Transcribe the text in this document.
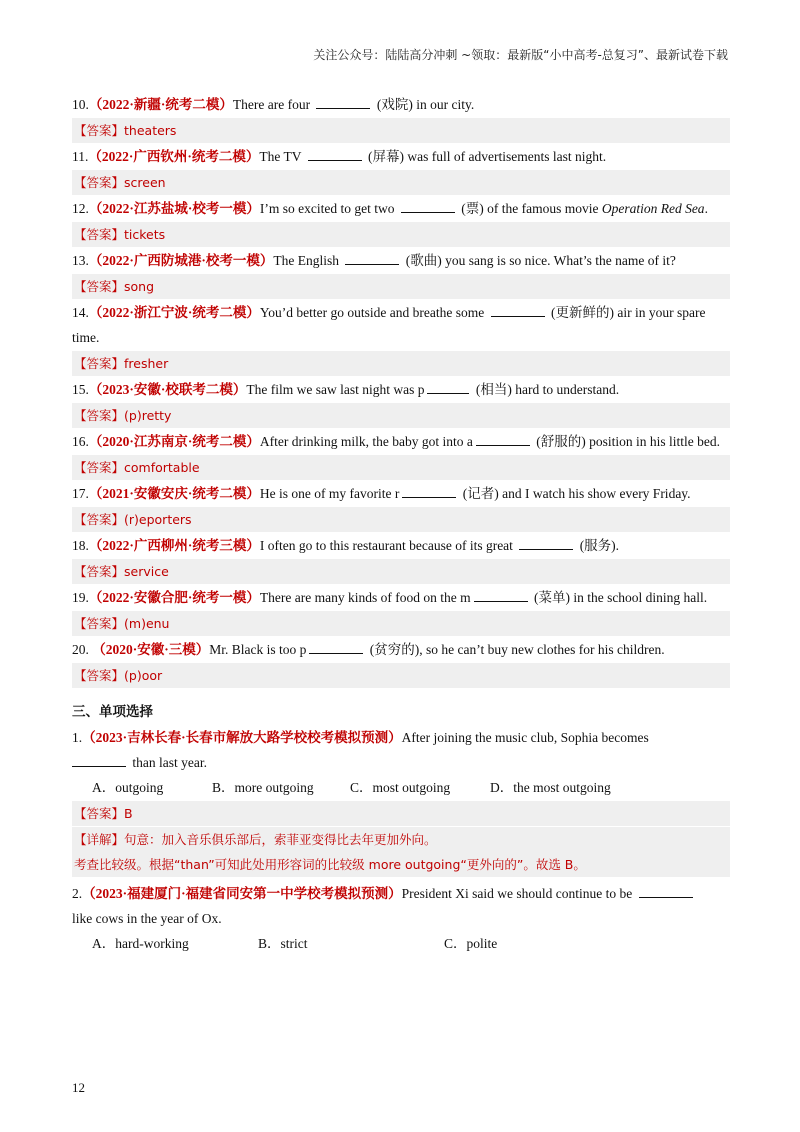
关注公众号：陆陆高分冲刺 ~领取：最新版“小中高考-总复习”、最新试卷下载
10.（2022·新疆·统考二模）There are four	(戏院) in our city.
【答案】theaters
11.（2022·广西钦州·统考二模）The TV	(屏幕) was full of advertisements last night.
【答案】screen
12.（2022·江苏盐城·校考一模）I’m so excited to get two	(票) of the famous movie Operation Red Sea.
【答案】tickets
13.（2022·广西防城港·校考一模）The English	(歌曲) you sang is so nice. What’s the name of it?
【答案】song
14.（2022·浙江宁波·统考二模）You’d better go outside and breathe some	(更新鲜的) air in your spare time.
【答案】fresher
15.（2023·安徽·校联考二模）The film we saw last night was p	(相当) hard to understand.
【答案】(p)retty
16.（2020·江苏南京·统考二模）After drinking milk, the baby got into a	(舒服的) position in his little bed.
【答案】comfortable
17.（2021·安徽安庆·统考二模）He is one of my favorite r	(记者) and I watch his show every Friday.
【答案】(r)eporters
18.（2022·广西柳州·统考三模）I often go to this restaurant because of its great	(服务).
【答案】service
19.（2022·安徽合肥·统考一模）There are many kinds of food on the m	(菜单) in the school dining hall.
【答案】(m)enu
20. （2020·安徽·三模）Mr. Black is too p	(贫穷的), so he can’t buy new clothes for his children.
【答案】(p)oor
三、单项选择
1.（2023·吉林长春·长春市解放大路学校校考模拟预测）After joining the music club, Sophia becomes
than last year.
A．outgoing	B．more outgoing	C．most outgoing	D．the most outgoing
【答案】B
【详解】句意：加入音乐俱乐部后，索菲亚变得比去年更加外向。
考查比较级。根据“than”可知此处用形容词的比较级 more outgoing“更外向的”。故选 B。
2.（2023·福建厦门·福建省同安第一中学校考模拟预测）President Xi said we should continue to be
like cows in the year of Ox.
A．hard-working	B．strict	C．polite
12
